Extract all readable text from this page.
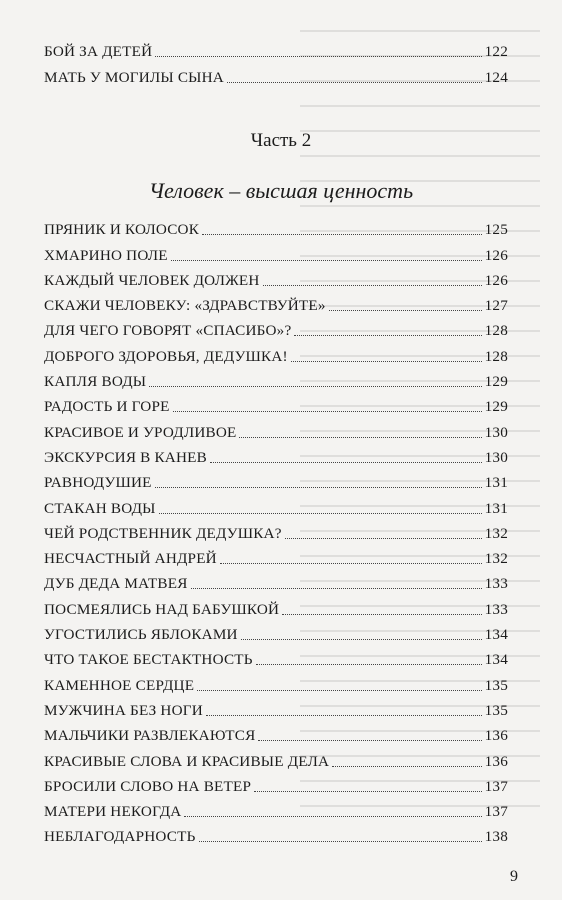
БОЙ ЗА ДЕТЕЙ	122
МАТЬ У МОГИЛЫ СЫНА	124
Часть 2
Человек – высшая ценность
ПРЯНИК И КОЛОСОК	125
ХМАРИНО ПОЛЕ	126
КАЖДЫЙ ЧЕЛОВЕК ДОЛЖЕН	126
СКАЖИ ЧЕЛОВЕКУ: «ЗДРАВСТВУЙТЕ»	127
ДЛЯ ЧЕГО ГОВОРЯТ «СПАСИБО»?	128
ДОБРОГО ЗДОРОВЬЯ, ДЕДУШКА!	128
КАПЛЯ ВОДЫ	129
РАДОСТЬ И ГОРЕ	129
КРАСИВОЕ И УРОДЛИВОЕ	130
ЭКСКУРСИЯ В КАНЕВ	130
РАВНОДУШИЕ	131
СТАКАН ВОДЫ	131
ЧЕЙ РОДСТВЕННИК ДЕДУШКА?	132
НЕСЧАСТНЫЙ АНДРЕЙ	132
ДУБ ДЕДА МАТВЕЯ	133
ПОСМЕЯЛИСЬ НАД БАБУШКОЙ	133
УГОСТИЛИСЬ ЯБЛОКАМИ	134
ЧТО ТАКОЕ БЕСТАКТНОСТЬ	134
КАМЕННОЕ СЕРДЦЕ	135
МУЖЧИНА БЕЗ НОГИ	135
МАЛЬЧИКИ РАЗВЛЕКАЮТСЯ	136
КРАСИВЫЕ СЛОВА И КРАСИВЫЕ ДЕЛА	136
БРОСИЛИ СЛОВО НА ВЕТЕР	137
МАТЕРИ НЕКОГДА	137
НЕБЛАГОДАРНОСТЬ	138
9
